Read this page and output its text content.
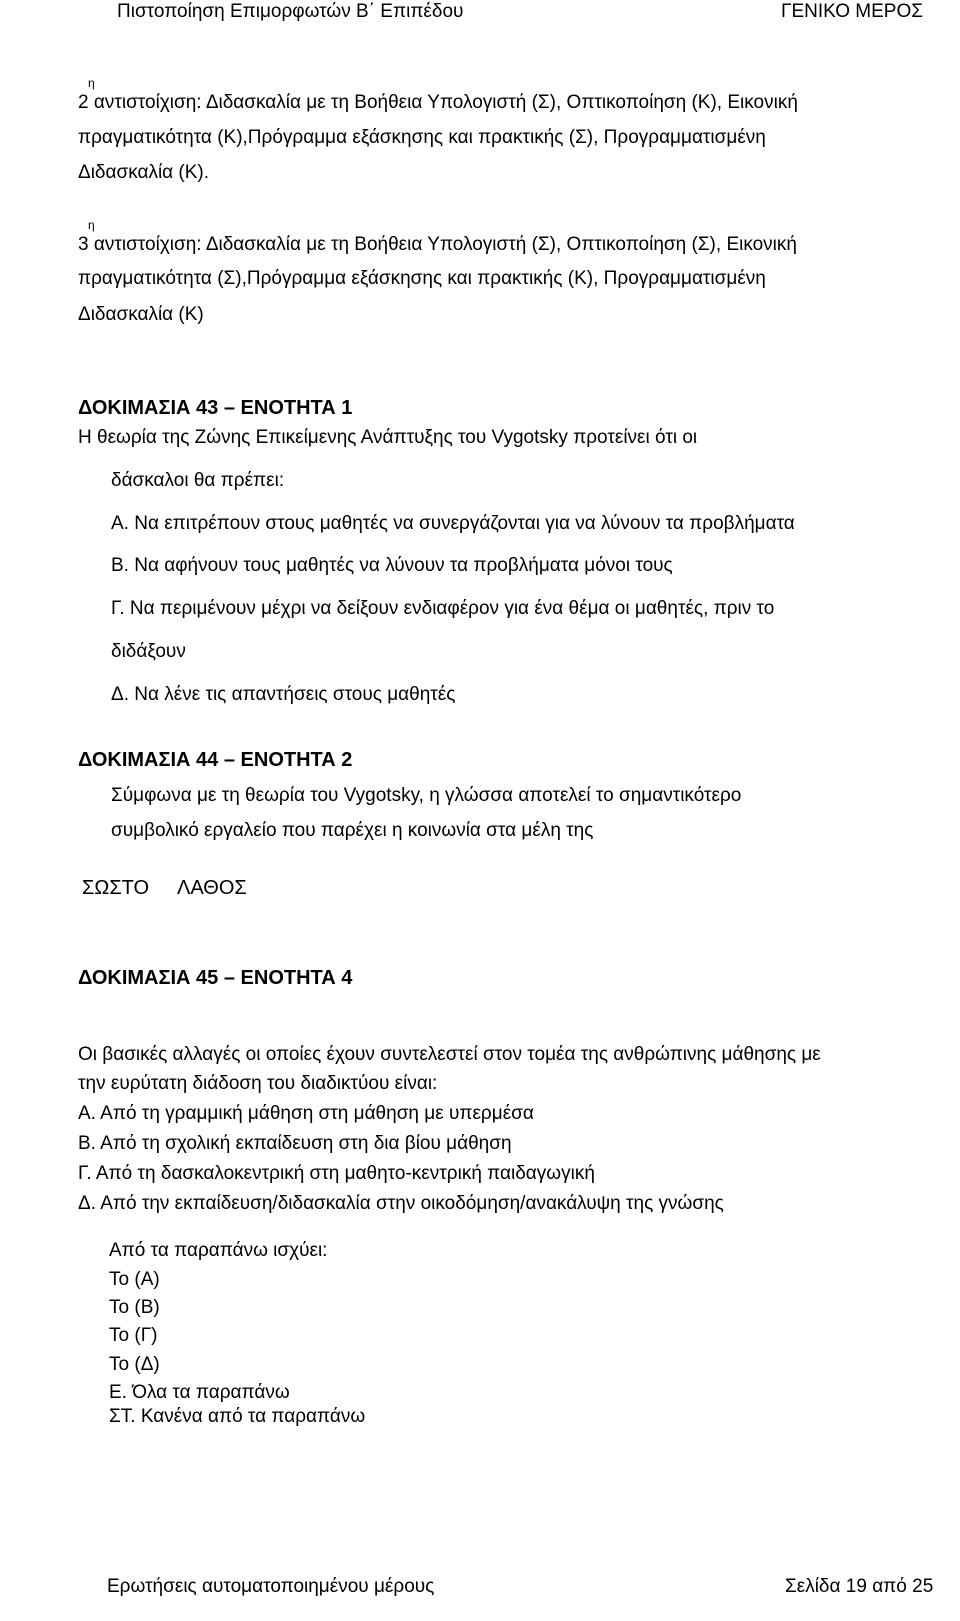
Πιστοποίηση Επιμορφωτών Β΄ Επιπέδου	ΓΕΝΙΚΟ ΜΕΡΟΣ
η
2 αντιστοίχιση: Διδασκαλία με τη Βοήθεια Υπολογιστή (Σ), Οπτικοποίηση (Κ), Εικονική
πραγματικότητα (Κ),Πρόγραμμα εξάσκησης και πρακτικής (Σ), Προγραμματισμένη
Διδασκαλία (Κ).
η
3 αντιστοίχιση: Διδασκαλία με τη Βοήθεια Υπολογιστή (Σ), Οπτικοποίηση (Σ), Εικονική
πραγματικότητα (Σ),Πρόγραμμα εξάσκησης και πρακτικής (Κ), Προγραμματισμένη
Διδασκαλία (Κ)
ΔΟΚΙΜΑΣΙΑ 43 – ΕΝΟΤΗΤΑ 1
Η θεωρία της Ζώνης Επικείμενης Ανάπτυξης του Vygotsky προτείνει ότι οι
δάσκαλοι θα πρέπει:
Α. Να επιτρέπουν στους μαθητές να συνεργάζονται για να λύνουν τα προβλήματα
Β. Να αφήνουν τους μαθητές να λύνουν τα προβλήματα μόνοι τους
Γ. Να περιμένουν μέχρι να δείξουν ενδιαφέρον για ένα θέμα οι μαθητές, πριν το
διδάξουν
Δ. Να λένε τις απαντήσεις στους μαθητές
ΔΟΚΙΜΑΣΙΑ 44 – ΕΝΟΤΗΤΑ 2
Σύμφωνα με τη θεωρία του Vygotsky, η γλώσσα αποτελεί το σημαντικότερο
συμβολικό εργαλείο που παρέχει η κοινωνία στα μέλη της
ΣΩΣΤΟ ΛΑΘΟΣ
ΔΟΚΙΜΑΣΙΑ 45 – ΕΝΟΤΗΤΑ 4
Οι βασικές αλλαγές οι οποίες έχουν συντελεστεί στον τομέα της ανθρώπινης μάθησης με
την ευρύτατη διάδοση του διαδικτύου είναι:
Α. Από τη γραμμική μάθηση στη μάθηση με υπερμέσα
Β. Από τη σχολική εκπαίδευση στη δια βίου μάθηση
Γ. Από τη δασκαλοκεντρική στη μαθητο-κεντρική παιδαγωγική
Δ. Από την εκπαίδευση/διδασκαλία στην οικοδόμηση/ανακάλυψη της γνώσης
Από τα παραπάνω ισχύει:
Το (Α)
Το (Β)
Το (Γ)
Το (Δ)
Ε. Όλα τα παραπάνω
ΣΤ. Κανένα από τα παραπάνω
Ερωτήσεις αυτοματοποιημένου μέρους	Σελίδα 19 από 25
